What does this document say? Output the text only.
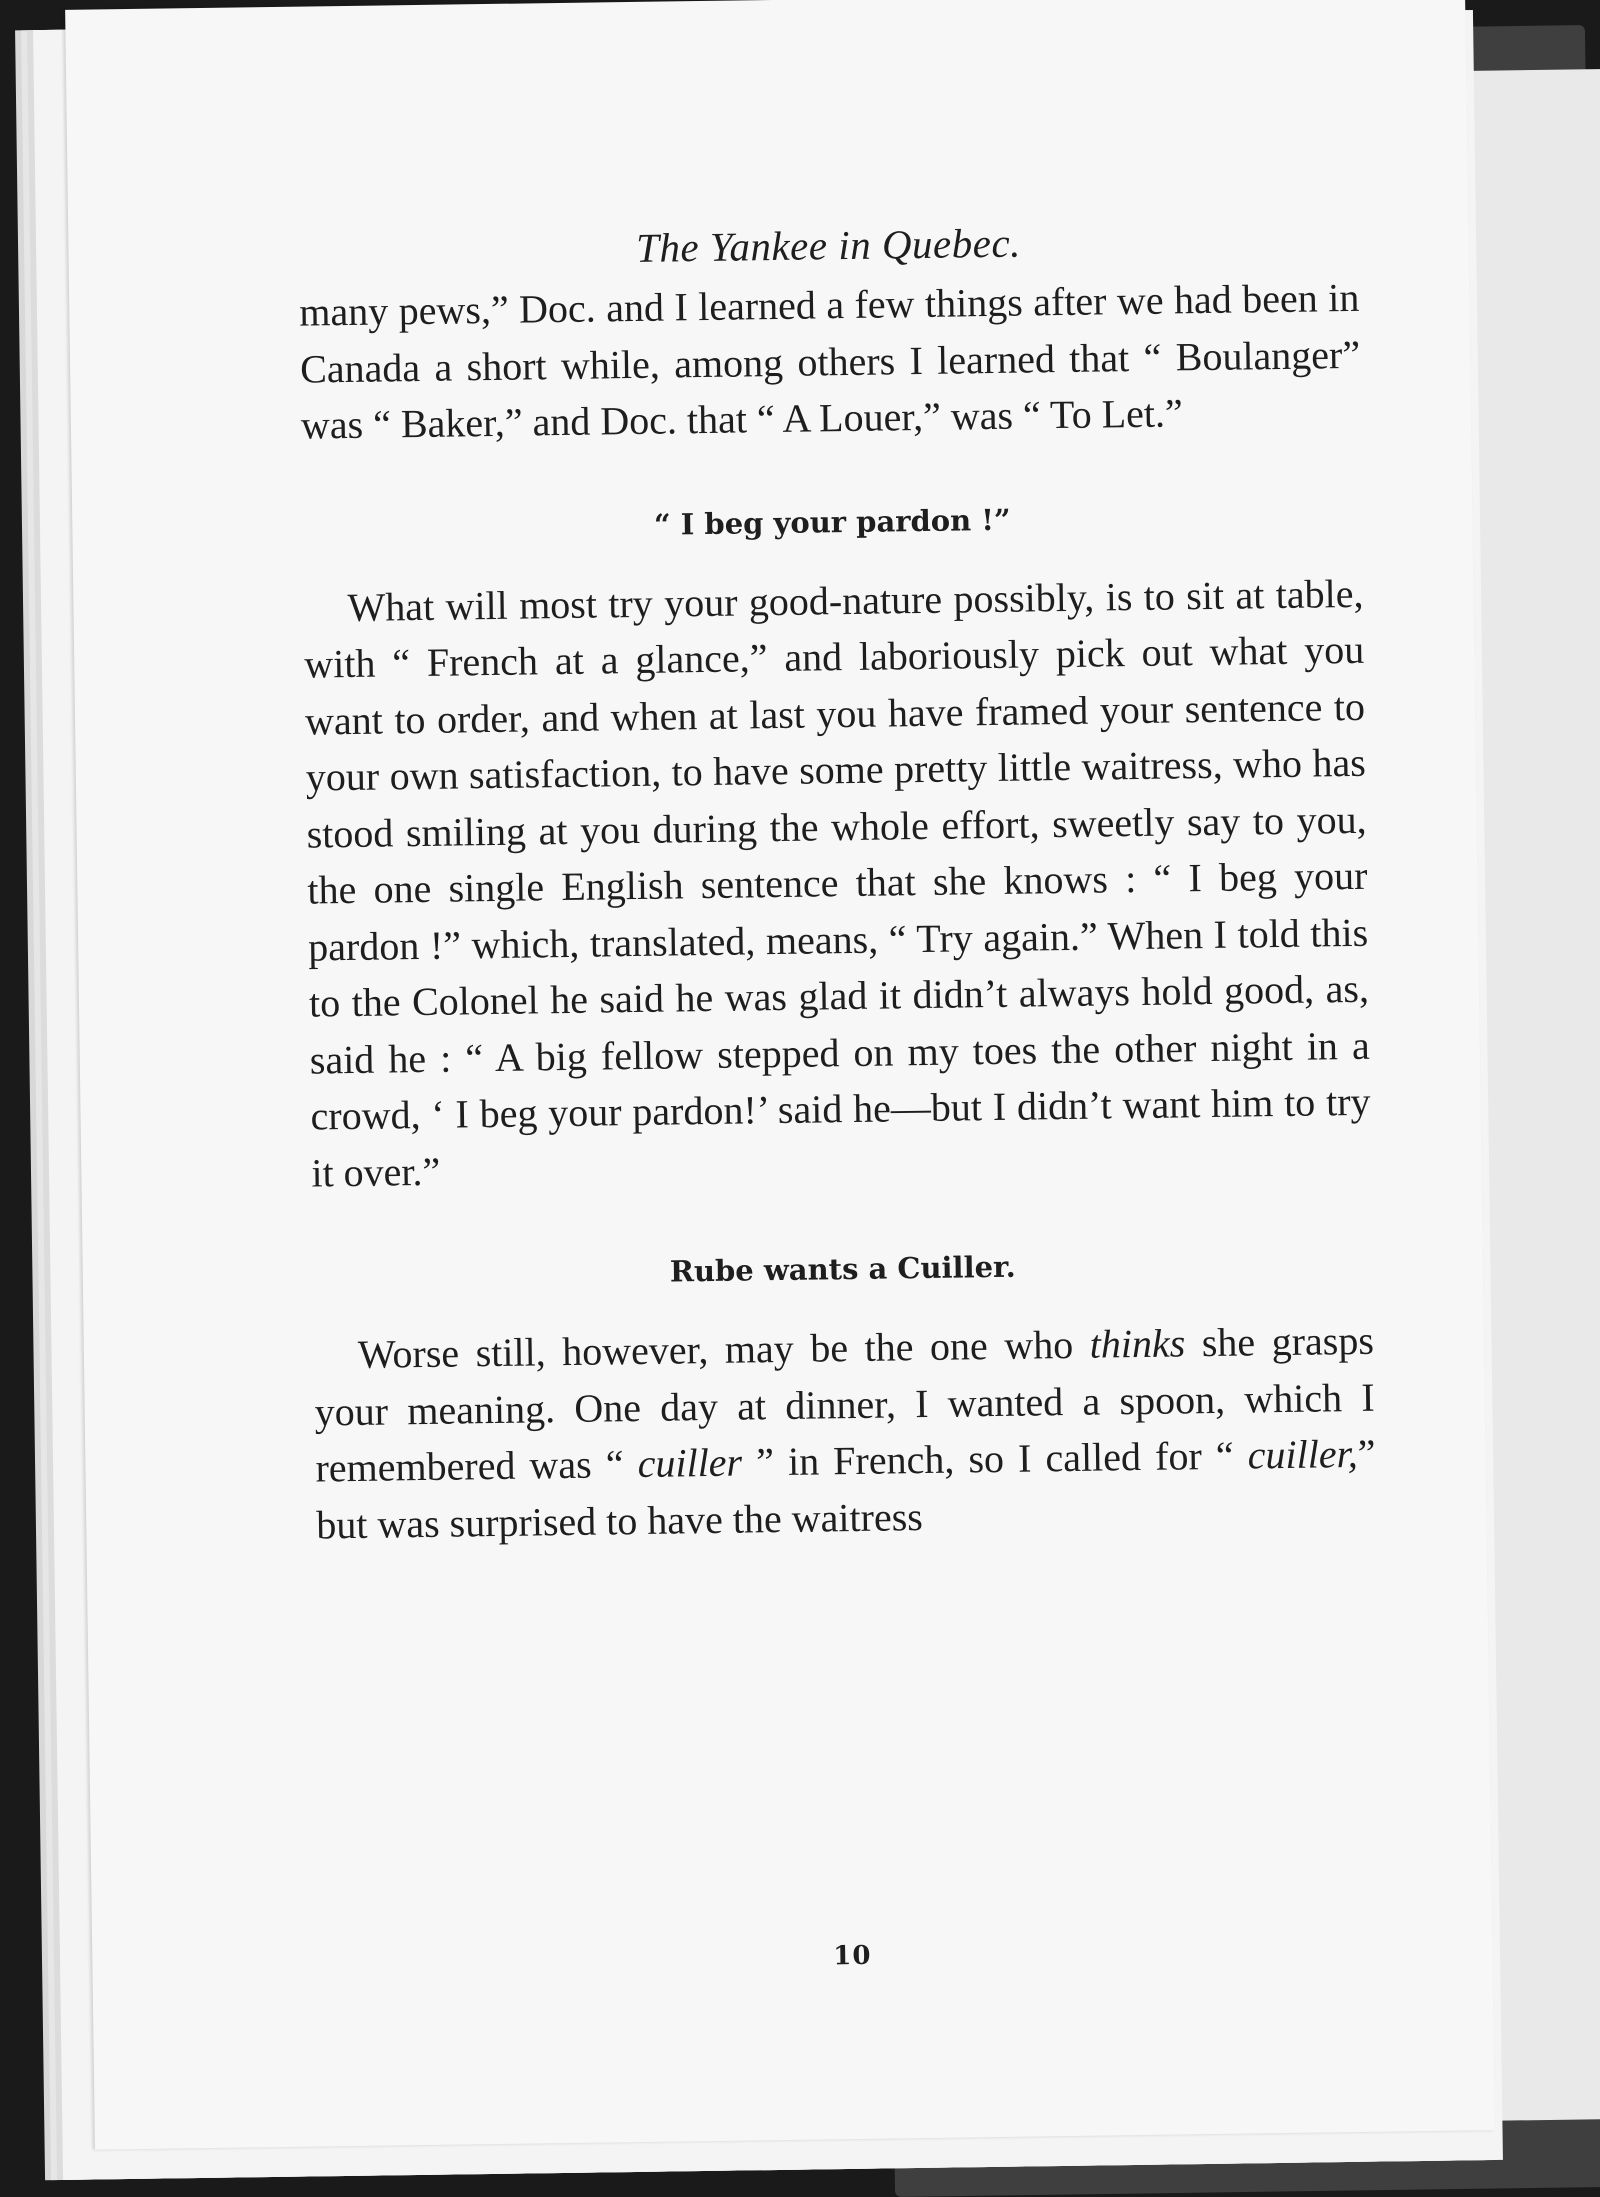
The Yankee in Quebec.

many pews,” Doc. and I learned a few things after we had been in Canada a short while, among others I learned that “ Boulanger” was “ Baker,” and Doc. that “ A Louer,” was “ To Let.”

“ I beg your pardon !”

What will most try your good-nature possibly, is to sit at table, with “ French at a glance,” and laboriously pick out what you want to order, and when at last you have framed your sentence to your own satisfaction, to have some pretty little waitress, who has stood smiling at you during the whole effort, sweetly say to you, the one single English sentence that she knows : “ I beg your pardon !” which, translated, means, “ Try again.” When I told this to the Colonel he said he was glad it didn’t always hold good, as, said he : “ A big fellow stepped on my toes the other night in a crowd, ‘ I beg your pardon!’ said he—but I didn’t want him to try it over.”

Rube wants a Cuiller.

Worse still, however, may be the one who thinks she grasps your meaning. One day at dinner, I wanted a spoon, which I remembered was “ cuiller ” in French, so I called for “ cuiller,” but was surprised to have the waitress

10
